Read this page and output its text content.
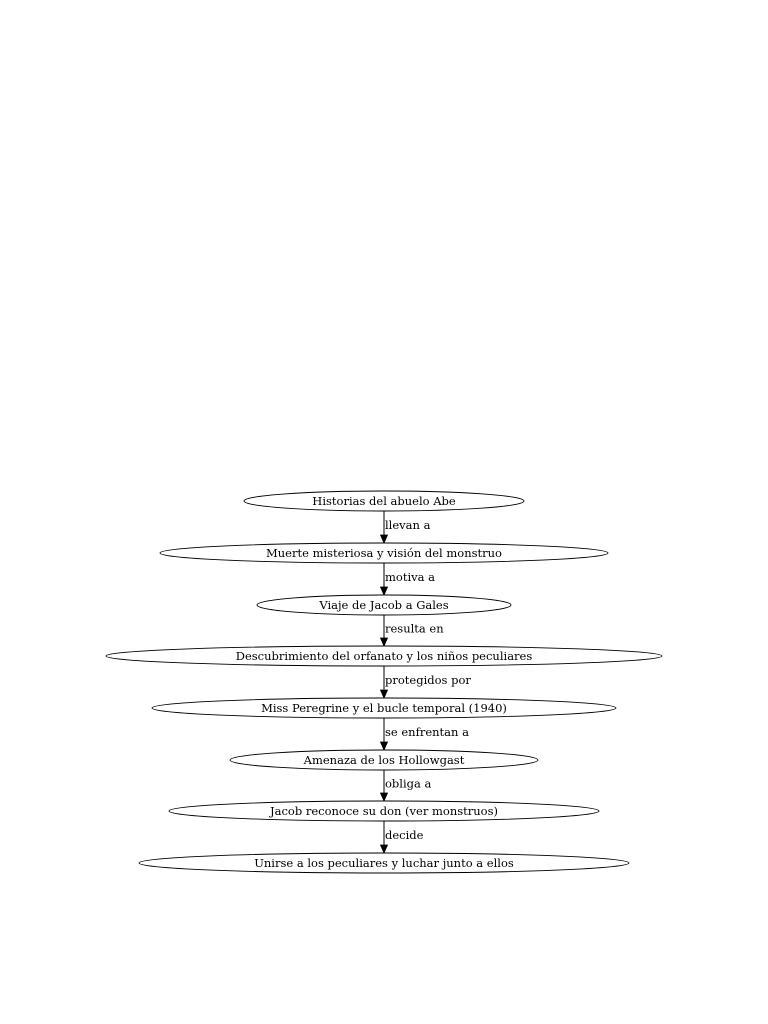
llevan a
motiva a
resulta en
protegidos por
se enfrentan a
obliga a
decide
Historias del abuelo Abe
Muerte misteriosa y visión del monstruo
Viaje de Jacob a Gales
Descubrimiento del orfanato y los niños peculiares
Miss Peregrine y el bucle temporal (1940)
Amenaza de los Hollowgast
Jacob reconoce su don (ver monstruos)
Unirse a los peculiares y luchar junto a ellos
